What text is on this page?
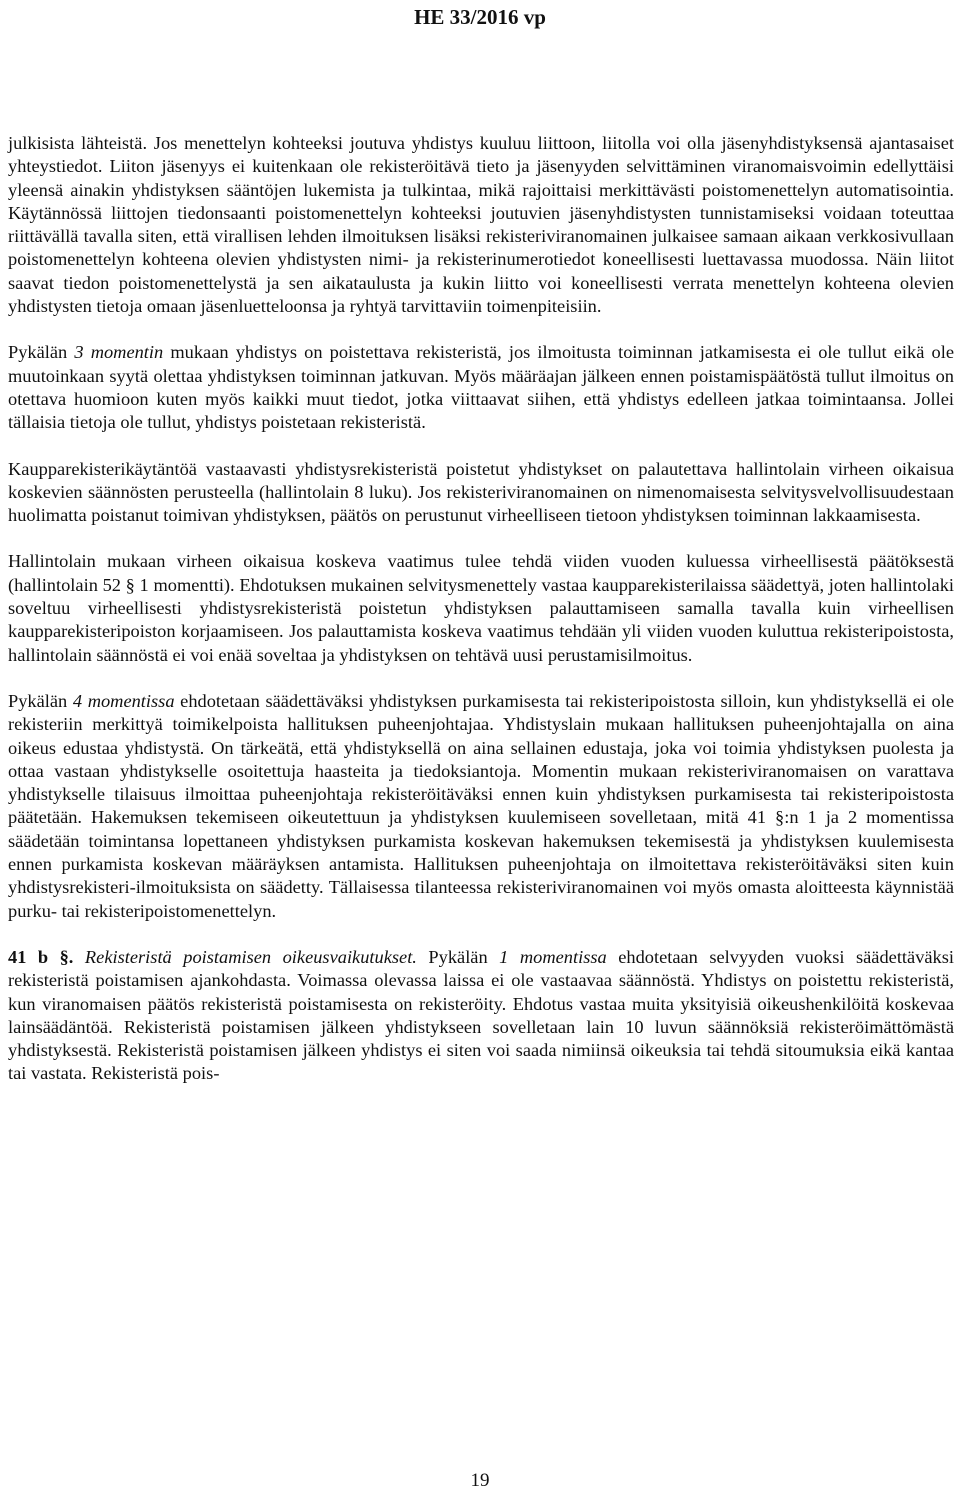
HE 33/2016 vp

julkisista lähteistä. Jos menettelyn kohteeksi joutuva yhdistys kuuluu liittoon, liitolla voi olla jäsenyhdistyksensä ajantasaiset yhteystiedot. Liiton jäsenyys ei kuitenkaan ole rekisteröitävä tieto ja jäsenyyden selvittäminen viranomaisvoimin edellyttäisi yleensä ainakin yhdistyksen sääntöjen lukemista ja tulkintaa, mikä rajoittaisi merkittävästi poistomenettelyn automatisointia. Käytännössä liittojen tiedonsaanti poistomenettelyn kohteeksi joutuvien jäsenyhdistysten tunnistamiseksi voidaan toteuttaa riittävällä tavalla siten, että virallisen lehden ilmoituksen lisäksi rekisteriviranomainen julkaisee samaan aikaan verkkosivullaan poistomenettelyn kohteena olevien yhdistysten nimi- ja rekisterinumerotiedot koneellisesti luettavassa muodossa. Näin liitot saavat tiedon poistomenettelystä ja sen aikataulusta ja kukin liitto voi koneellisesti verrata menettelyn kohteena olevien yhdistysten tietoja omaan jäsenluetteloonsa ja ryhtyä tarvittaviin toimenpiteisiin.

Pykälän 3 momentin mukaan yhdistys on poistettava rekisteristä, jos ilmoitusta toiminnan jatkamisesta ei ole tullut eikä ole muutoinkaan syytä olettaa yhdistyksen toiminnan jatkuvan. Myös määräajan jälkeen ennen poistamispäätöstä tullut ilmoitus on otettava huomioon kuten myös kaikki muut tiedot, jotka viittaavat siihen, että yhdistys edelleen jatkaa toimintaansa. Jollei tällaisia tietoja ole tullut, yhdistys poistetaan rekisteristä.

Kaupparekisterikäytäntöä vastaavasti yhdistysrekisteristä poistetut yhdistykset on palautettava hallintolain virheen oikaisua koskevien säännösten perusteella (hallintolain 8 luku). Jos rekisteriviranomainen on nimenomaisesta selvitysvelvollisuudestaan huolimatta poistanut toimivan yhdistyksen, päätös on perustunut virheelliseen tietoon yhdistyksen toiminnan lakkaamisesta.

Hallintolain mukaan virheen oikaisua koskeva vaatimus tulee tehdä viiden vuoden kuluessa virheellisestä päätöksestä (hallintolain 52 § 1 momentti). Ehdotuksen mukainen selvitysmenettely vastaa kaupparekisterilaissa säädettyä, joten hallintolaki soveltuu virheellisesti yhdistysrekisteristä poistetun yhdistyksen palauttamiseen samalla tavalla kuin virheellisen kaupparekisteripoiston korjaamiseen. Jos palauttamista koskeva vaatimus tehdään yli viiden vuoden kuluttua rekisteripoistosta, hallintolain säännöstä ei voi enää soveltaa ja yhdistyksen on tehtävä uusi perustamisilmoitus.

Pykälän 4 momentissa ehdotetaan säädettäväksi yhdistyksen purkamisesta tai rekisteripoistosta silloin, kun yhdistyksellä ei ole rekisteriin merkittyä toimikelpoista hallituksen puheenjohtajaa. Yhdistyslain mukaan hallituksen puheenjohtajalla on aina oikeus edustaa yhdistystä. On tärkeätä, että yhdistyksellä on aina sellainen edustaja, joka voi toimia yhdistyksen puolesta ja ottaa vastaan yhdistykselle osoitettuja haasteita ja tiedoksiantoja. Momentin mukaan rekisteriviranomaisen on varattava yhdistykselle tilaisuus ilmoittaa puheenjohtaja rekisteröitäväksi ennen kuin yhdistyksen purkamisesta tai rekisteripoistosta päätetään. Hakemuksen tekemiseen oikeutettuun ja yhdistyksen kuulemiseen sovelletaan, mitä 41 §:n 1 ja 2 momentissa säädetään toimintansa lopettaneen yhdistyksen purkamista koskevan hakemuksen tekemisestä ja yhdistyksen kuulemisesta ennen purkamista koskevan määräyksen antamista. Hallituksen puheenjohtaja on ilmoitettava rekisteröitäväksi siten kuin yhdistysrekisteri-ilmoituksista on säädetty. Tällaisessa tilanteessa rekisteriviranomainen voi myös omasta aloitteesta käynnistää purku- tai rekisteripoistomenettelyn.

41 b §. Rekisteristä poistamisen oikeusvaikutukset. Pykälän 1 momentissa ehdotetaan selvyyden vuoksi säädettäväksi rekisteristä poistamisen ajankohdasta. Voimassa olevassa laissa ei ole vastaavaa säännöstä. Yhdistys on poistettu rekisteristä, kun viranomaisen päätös rekisteristä poistamisesta on rekisteröity. Ehdotus vastaa muita yksityisiä oikeushenkilöitä koskevaa lainsäädäntöä. Rekisteristä poistamisen jälkeen yhdistykseen sovelletaan lain 10 luvun säännöksiä rekisteröimättömästä yhdistyksestä. Rekisteristä poistamisen jälkeen yhdistys ei siten voi saada nimiinsä oikeuksia tai tehdä sitoumuksia eikä kantaa tai vastata. Rekisteristä pois-

19
